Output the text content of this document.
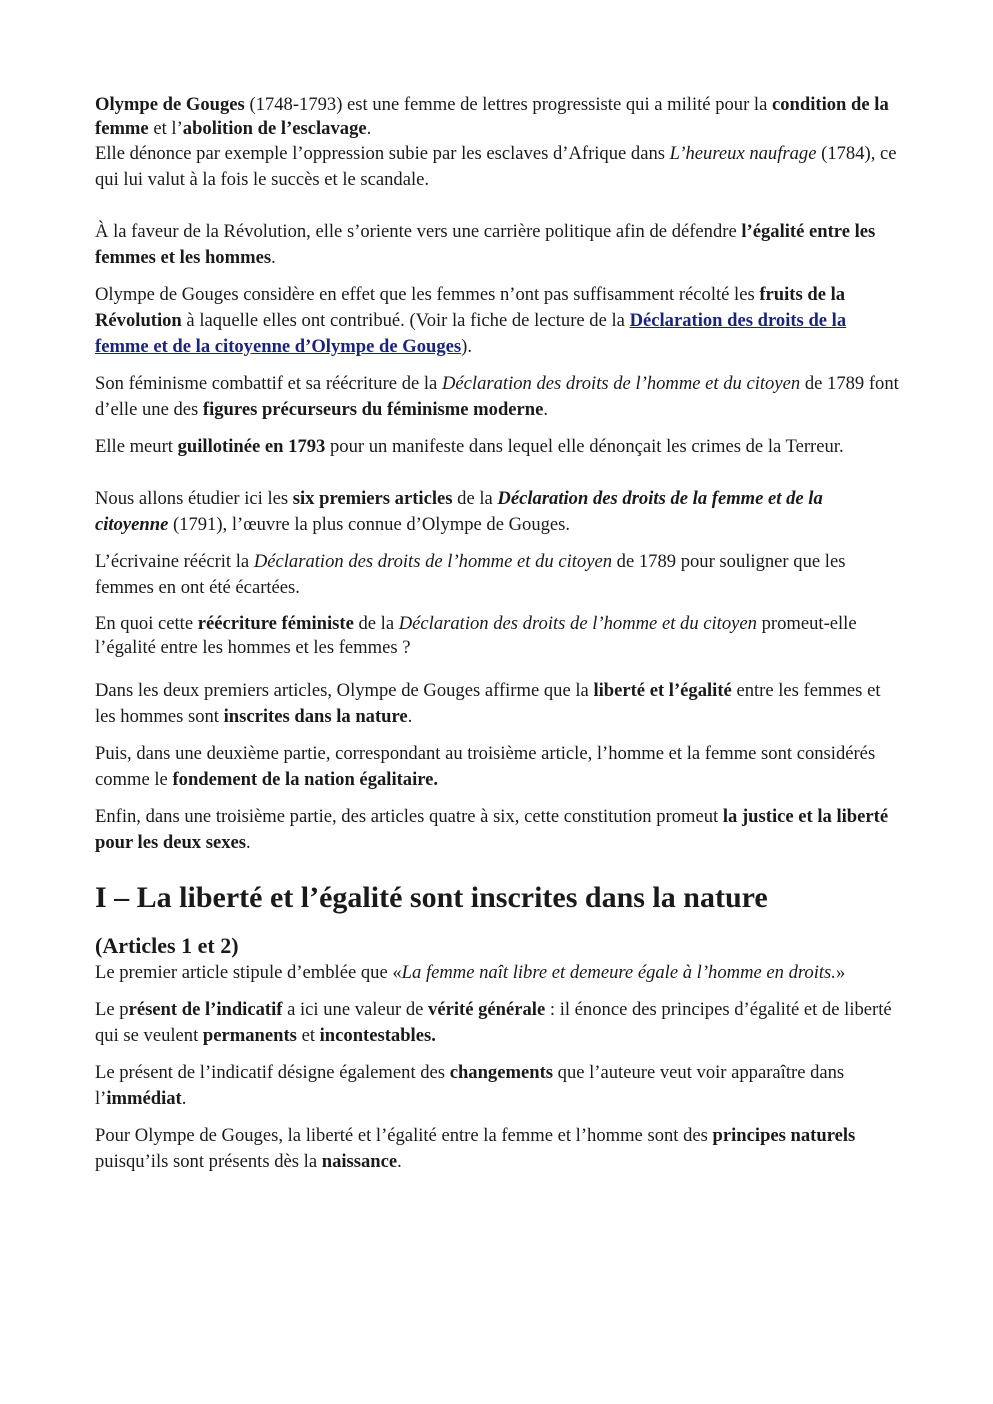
Olympe de Gouges (1748-1793) est une femme de lettres progressiste qui a milité pour la condition de la femme et l’abolition de l’esclavage.

Elle dénonce par exemple l’oppression subie par les esclaves d’Afrique dans L’heureux naufrage (1784), ce qui lui valut à la fois le succès et le scandale.

À la faveur de la Révolution, elle s’oriente vers une carrière politique afin de défendre l’égalité entre les femmes et les hommes.

Olympe de Gouges considère en effet que les femmes n’ont pas suffisamment récolté les fruits de la Révolution à laquelle elles ont contribué. (Voir la fiche de lecture de la Déclaration des droits de la femme et de la citoyenne d’Olympe de Gouges).

Son féminisme combattif et sa réécriture de la Déclaration des droits de l’homme et du citoyen de 1789 font d’elle une des figures précurseurs du féminisme moderne.

Elle meurt guillotinée en 1793 pour un manifeste dans lequel elle dénonçait les crimes de la Terreur.

Nous allons étudier ici les six premiers articles de la Déclaration des droits de la femme et de la citoyenne (1791), l’œuvre la plus connue d’Olympe de Gouges.

L’écrivaine réécrit la Déclaration des droits de l’homme et du citoyen de 1789 pour souligner que les femmes en ont été écartées.

En quoi cette réécriture féministe de la Déclaration des droits de l’homme et du citoyen promeut-elle l’égalité entre les hommes et les femmes ?

Dans les deux premiers articles, Olympe de Gouges affirme que la liberté et l’égalité entre les femmes et les hommes sont inscrites dans la nature.

Puis, dans une deuxième partie, correspondant au troisième article, l’homme et la femme sont considérés comme le fondement de la nation égalitaire.

Enfin, dans une troisième partie, des articles quatre à six, cette constitution promeut la justice et la liberté pour les deux sexes.

I – La liberté et l’égalité sont inscrites dans la nature
(Articles 1 et 2)

Le premier article stipule d’emblée que «La femme naît libre et demeure égale à l’homme en droits.»

Le présent de l’indicatif a ici une valeur de vérité générale : il énonce des principes d’égalité et de liberté qui se veulent permanents et incontestables.

Le présent de l’indicatif désigne également des changements que l’auteure veut voir apparaître dans l’immédiat.

Pour Olympe de Gouges, la liberté et l’égalité entre la femme et l’homme sont des principes naturels puisqu’ils sont présents dès la naissance.
